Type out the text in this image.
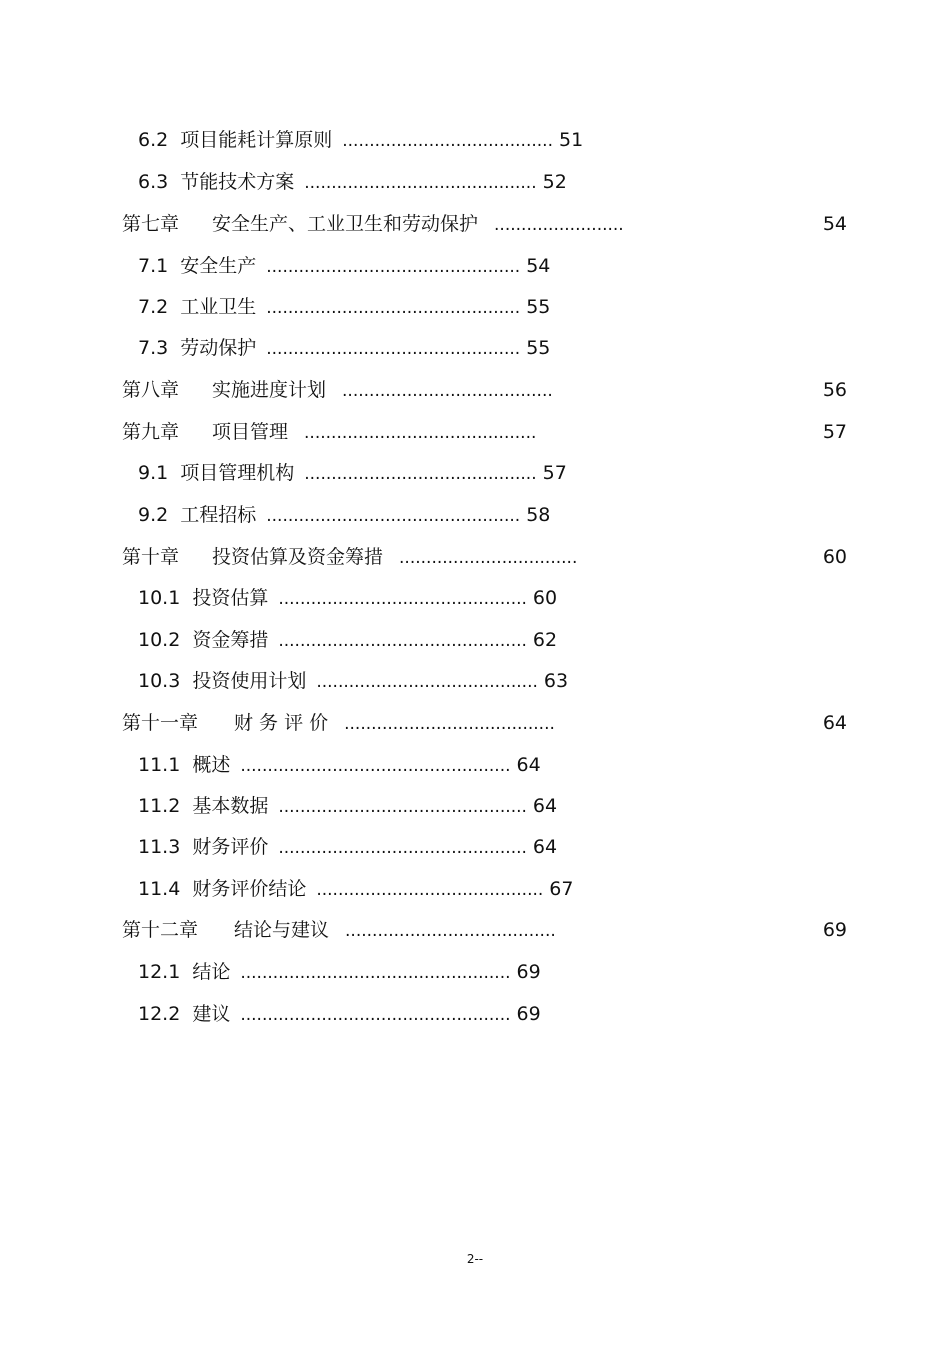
6.2 项目能耗计算原则 ....................................... 51
6.3 节能技术方案 ........................................... 52
第七章 安全生产、工业卫生和劳动保护 ........................	54
7.1 安全生产 ............................................... 54
7.2 工业卫生 ............................................... 55
7.3 劳动保护 ............................................... 55
第八章 实施进度计划 .......................................	56
第九章 项目管理 ...........................................	57
9.1 项目管理机构 ........................................... 57
9.2 工程招标 ............................................... 58
第十章 投资估算及资金筹措 .................................	60
10.1 投资估算 .............................................. 60
10.2 资金筹措 .............................................. 62
10.3 投资使用计划 ......................................... 63
第十一章 财 务 评 价 .......................................	64
11.1 概述 .................................................. 64
11.2 基本数据 .............................................. 64
11.3 财务评价 .............................................. 64
11.4 财务评价结论 .......................................... 67
第十二章 结论与建议 .......................................	69
12.1 结论 .................................................. 69
12.2 建议 .................................................. 69
2--
